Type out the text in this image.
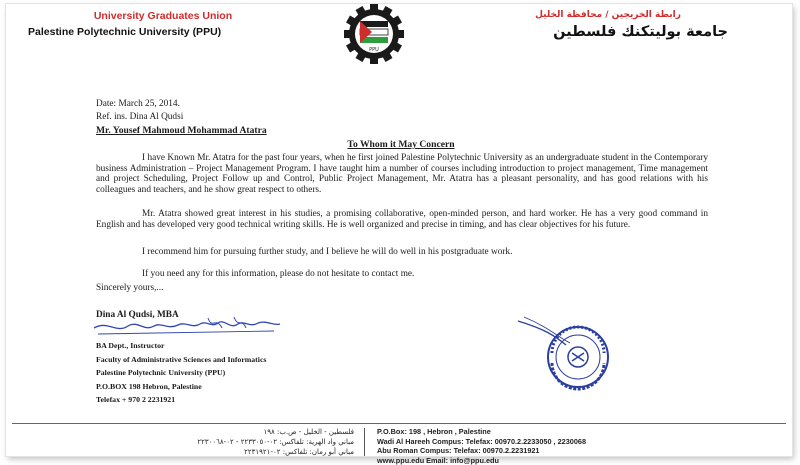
University Graduates Union
Palestine Polytechnic University (PPU)
PPU
رابطة الخريجين / محافظة الخليل
جامعة بوليتكنك فلسطين
Date: March 25, 2014.
Ref. ins. Dina Al Qudsi
Mr. Yousef Mahmoud Mohammad Atatra
To Whom it May Concern
I have Known Mr. Atatra for the past four years, when he first joined Palestine Polytechnic University as an undergraduate student in the Contemporary business Administration – Project Management Program. I have taught him a number of courses including introduction to project management, Time management and project Scheduling, Project Follow up and Control, Public Project Management, Mr. Atatra has a pleasant personality, and has good relations with his colleagues and teachers, and he show great respect to others.
Mr. Atatra showed great interest in his studies, a promising collaborative, open-minded person, and hard worker. He has a very good command in English and has developed very good technical writing skills. He is well organized and precise in timing, and has clear objectives for his future.
I recommend him for pursuing further study, and I believe he will do well in his postgraduate work.
If you need any for this information, please do not hesitate to contact me.
Sincerely yours,...
Dina Al Qudsi, MBA
BA Dept., Instructor
Faculty of Administrative Sciences and Informatics
Palestine Polytechnic University (PPU)
P.O.BOX 198 Hebron, Palestine
Telefax + 970 2 2231921
فلسطين - الخليل - ص.ب: ١٩٨
مباني واد الهرية: تلفاكس: ٠٢-٢٢٣٣٠٥٠ - ٠٢-٢٢٣٠٠٦٨
مباني أبو رمان: تلفاكس: ٠٢-٢٢٣١٩٢١
P.O.Box: 198 , Hebron , Palestine
Wadi Al Hareeh Compus: Telefax: 00970.2.2233050 , 2230068
Abu Roman Compus: Telefax: 00970.2.2231921
www.ppu.edu Email: info@ppu.edu
